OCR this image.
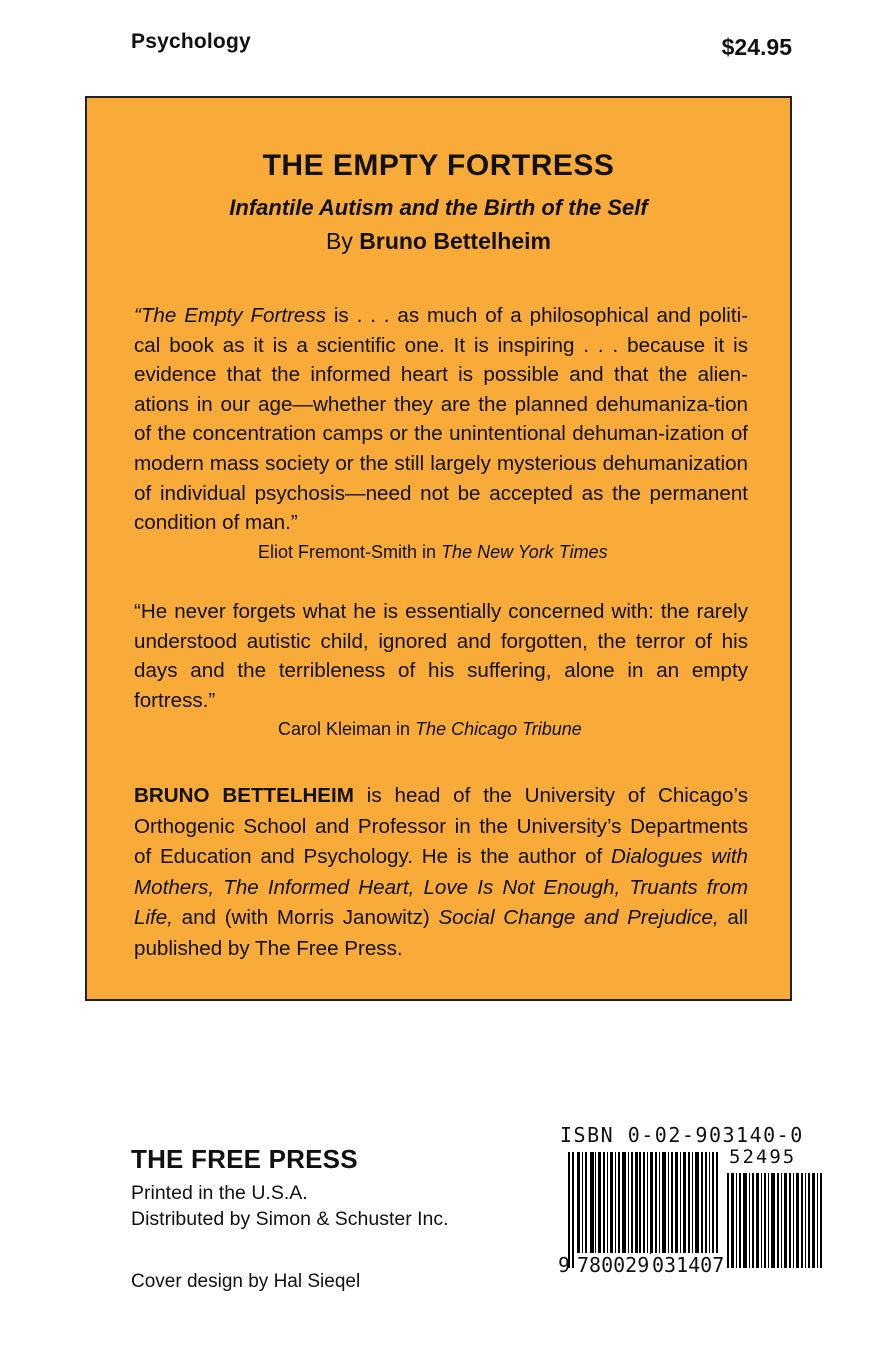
Psychology	$24.95
THE EMPTY FORTRESS
Infantile Autism and the Birth of the Self
By Bruno Bettelheim
“The Empty Fortress is . . . as much of a philosophical and politi- cal book as it is a scientific one. It is inspiring . . . because it is evidence that the informed heart is possible and that the alien-ations in our age—whether they are the planned dehumaniza-tion of the concentration camps or the unintentional dehuman-ization of modern mass society or the still largely mysterious dehumanization of individual psychosis—need not be accepted as the permanent condition of man.”
Eliot Fremont-Smith in The New York Times
“He never forgets what he is essentially concerned with: the rarely understood autistic child, ignored and forgotten, the terror of his days and the terribleness of his suffering, alone in an empty fortress.”
Carol Kleiman in The Chicago Tribune
BRUNO BETTELHEIM is head of the University of Chicago’s Orthogenic School and Professor in the University’s Departments of Education and Psychology. He is the author of Dialogues with Mothers, The Informed Heart, Love Is Not Enough, Truants from Life, and (with Morris Janowitz) Social Change and Prejudice, all published by The Free Press.
THE FREE PRESS
Printed in the U.S.A.
Distributed by Simon & Schuster Inc.
Cover design by Hal Sieqel
ISBN 0-02-903140-0
52495
9 780029 031407
